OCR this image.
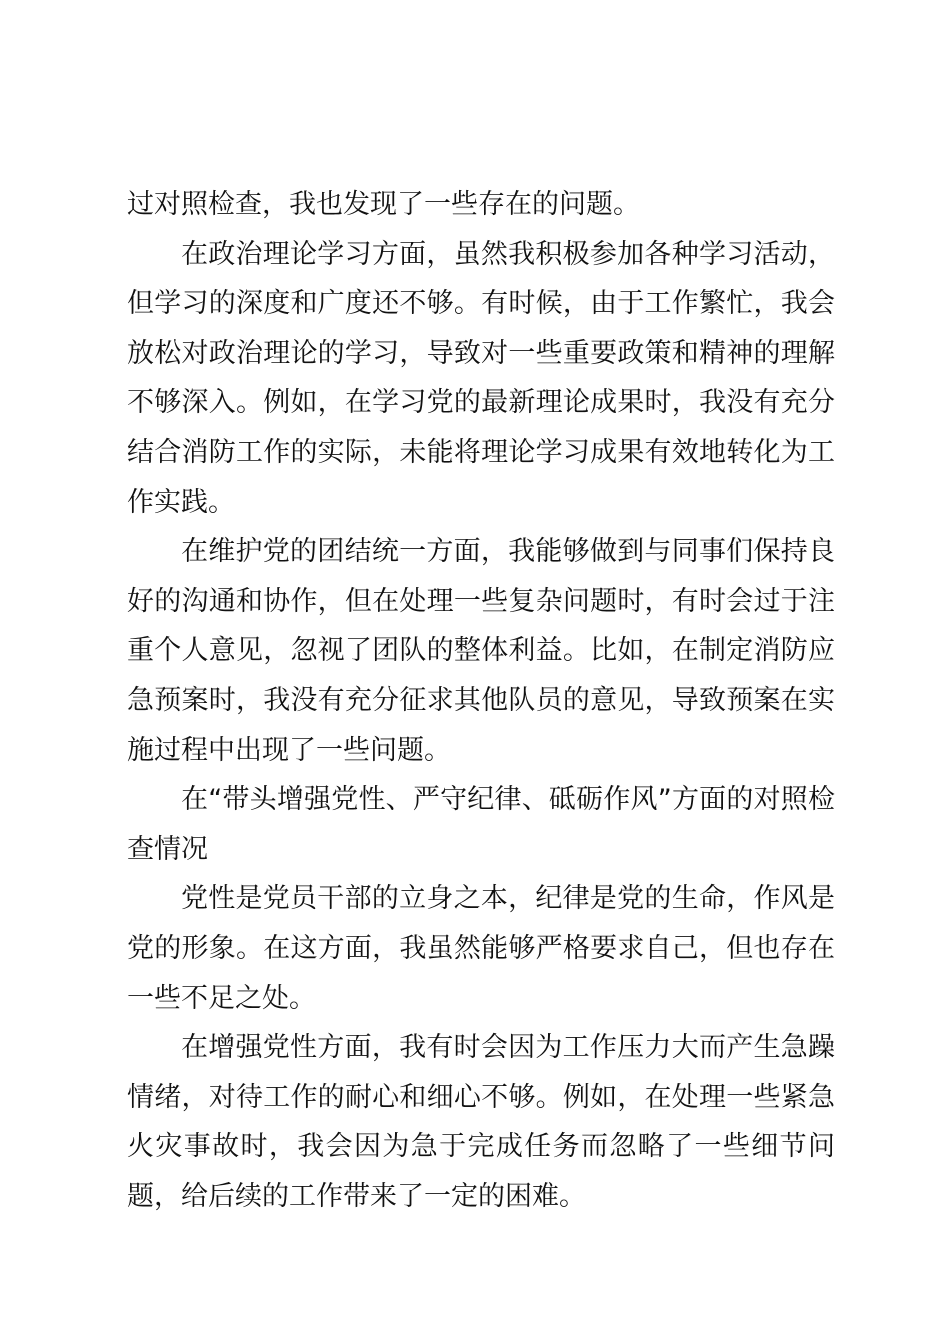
过对照检查，我也发现了一些存在的问题。

在政治理论学习方面，虽然我积极参加各种学习活动，但学习的深度和广度还不够。有时候，由于工作繁忙，我会放松对政治理论的学习，导致对一些重要政策和精神的理解不够深入。例如，在学习党的最新理论成果时，我没有充分结合消防工作的实际，未能将理论学习成果有效地转化为工作实践。

在维护党的团结统一方面，我能够做到与同事们保持良好的沟通和协作，但在处理一些复杂问题时，有时会过于注重个人意见，忽视了团队的整体利益。比如，在制定消防应急预案时，我没有充分征求其他队员的意见，导致预案在实施过程中出现了一些问题。

在“带头增强党性、严守纪律、砥砺作风”方面的对照检查情况

党性是党员干部的立身之本，纪律是党的生命，作风是党的形象。在这方面，我虽然能够严格要求自己，但也存在一些不足之处。

在增强党性方面，我有时会因为工作压力大而产生急躁情绪，对待工作的耐心和细心不够。例如，在处理一些紧急火灾事故时，我会因为急于完成任务而忽略了一些细节问题，给后续的工作带来了一定的困难。
